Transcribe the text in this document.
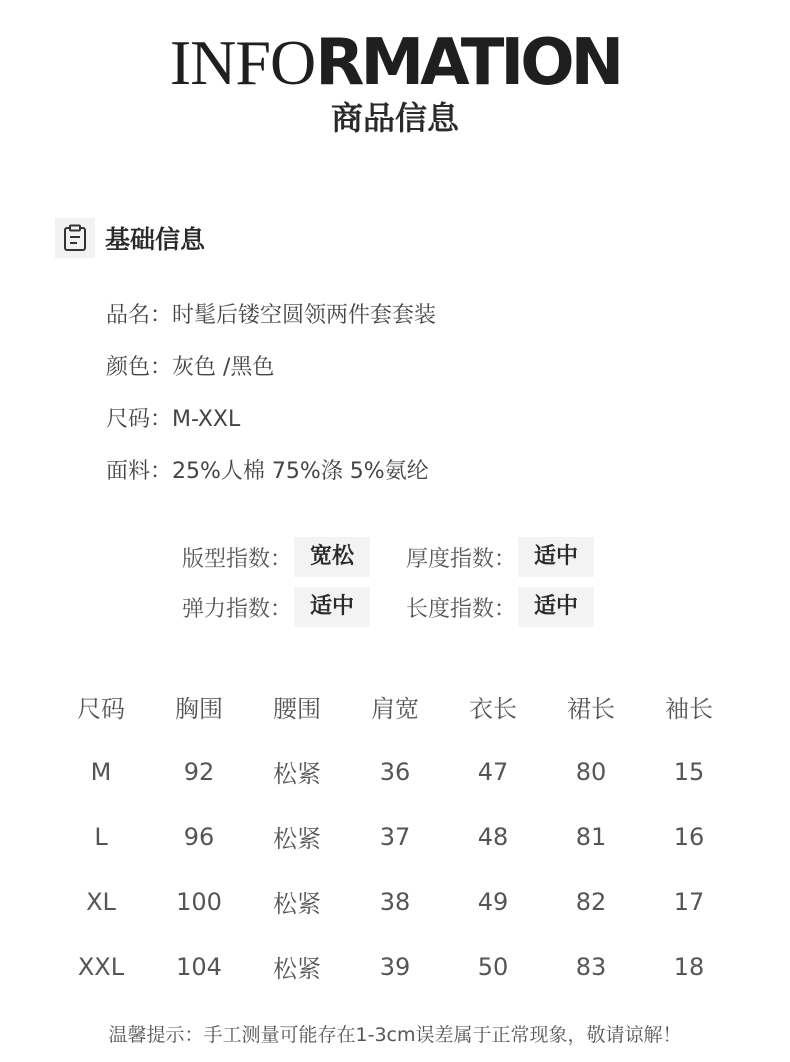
INFORMATION
商品信息
基础信息
品名：时髦后镂空圆领两件套套装
颜色：灰色 /黑色
尺码：M-XXL
面料：25%人棉 75%涤 5%氨纶
版型指数： 宽松	厚度指数： 适中
弹力指数： 适中	长度指数： 适中
尺码	胸围	腰围	肩宽	衣长	裙长	袖长
M	92	松紧	36	47	80	15
L	96	松紧	37	48	81	16
XL	100	松紧	38	49	82	17
XXL	104	松紧	39	50	83	18
温馨提示：手工测量可能存在1-3cm误差属于正常现象，敬请谅解！
